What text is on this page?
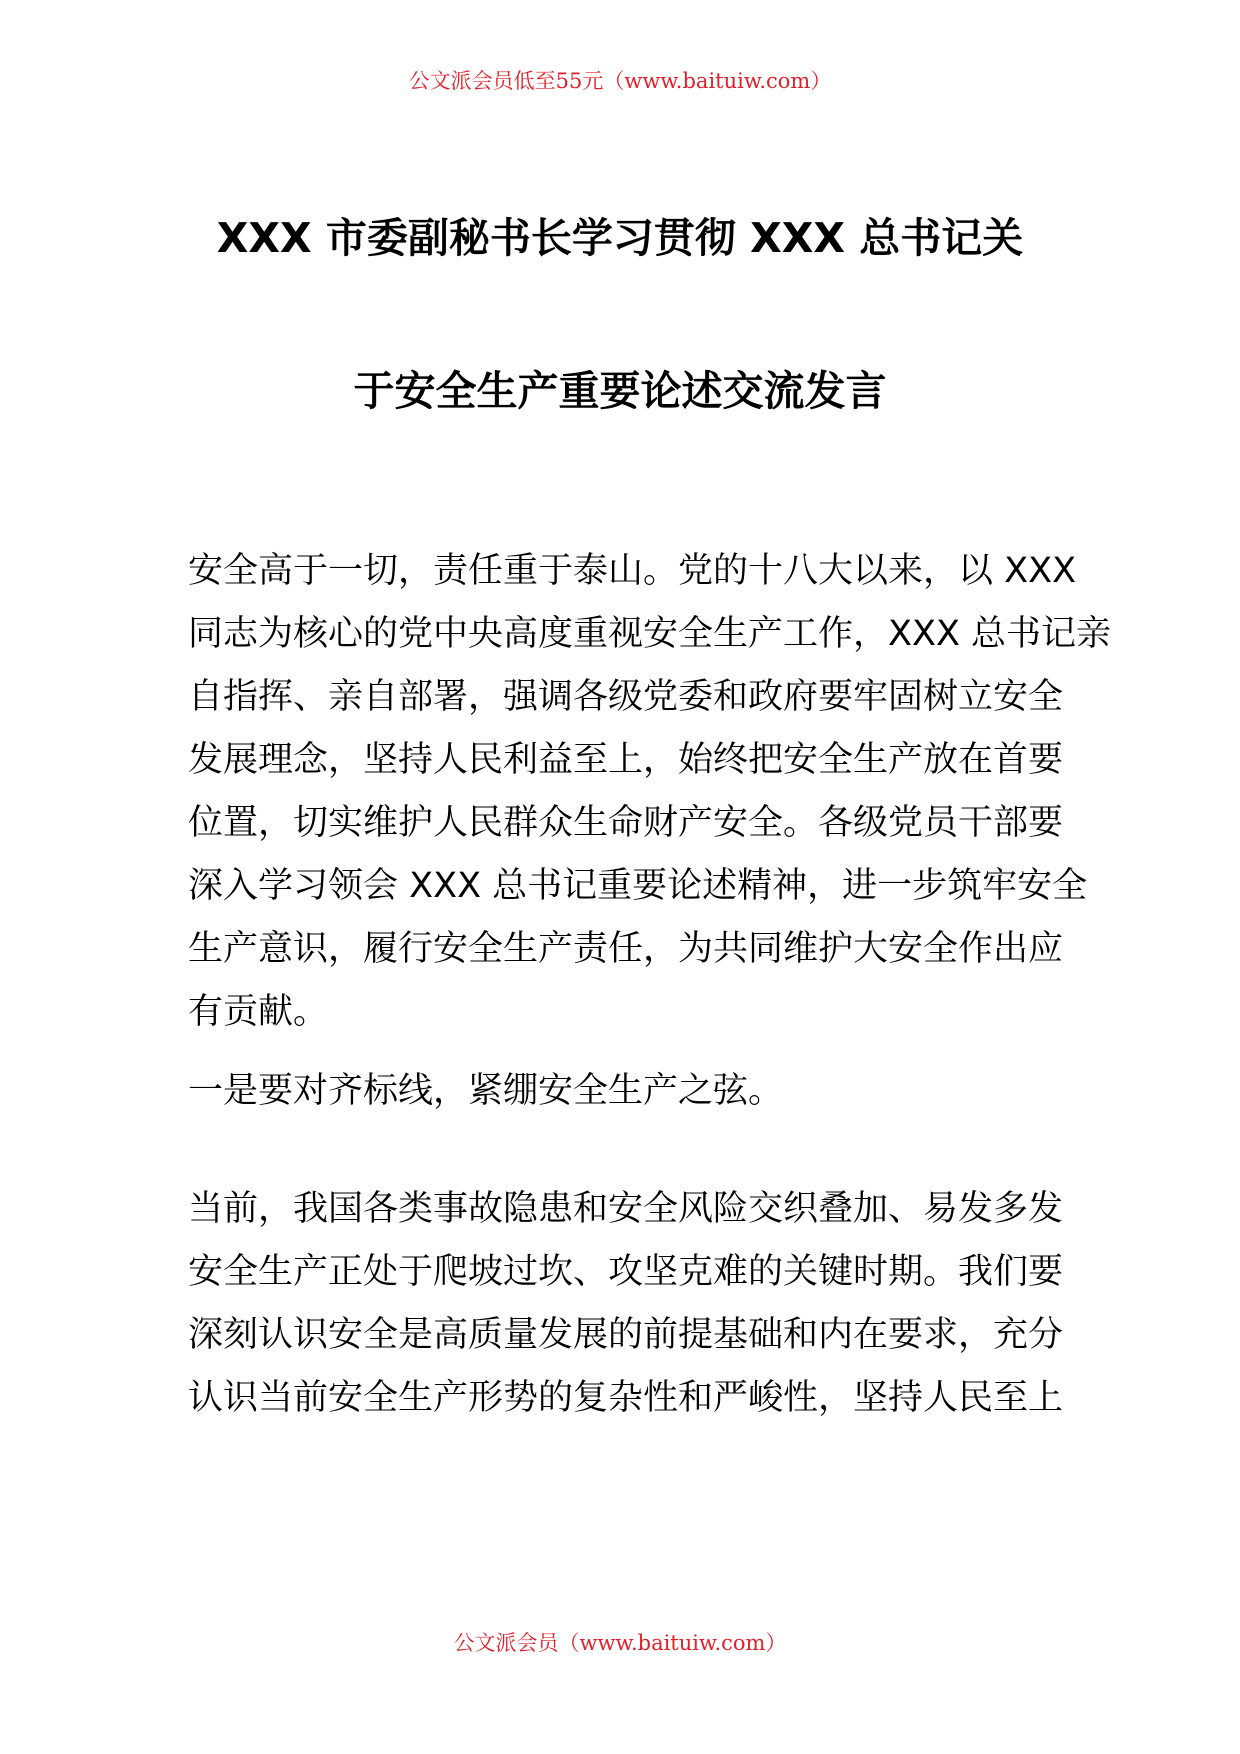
公文派会员低至55元（www.baituiw.com）
XXX 市委副秘书长学习贯彻 XXX 总书记关
于安全生产重要论述交流发言
安全高于一切，责任重于泰山。党的十八大以来，以 XXX
同志为核心的党中央高度重视安全生产工作，XXX 总书记亲
自指挥、亲自部署，强调各级党委和政府要牢固树立安全
发展理念，坚持人民利益至上，始终把安全生产放在首要
位置，切实维护人民群众生命财产安全。各级党员干部要
深入学习领会 XXX 总书记重要论述精神，进一步筑牢安全
生产意识，履行安全生产责任，为共同维护大安全作出应
有贡献。
一是要对齐标线，紧绷安全生产之弦。
当前，我国各类事故隐患和安全风险交织叠加、易发多发
安全生产正处于爬坡过坎、攻坚克难的关键时期。我们要
深刻认识安全是高质量发展的前提基础和内在要求，充分
认识当前安全生产形势的复杂性和严峻性，坚持人民至上
公文派会员（www.baituiw.com）
